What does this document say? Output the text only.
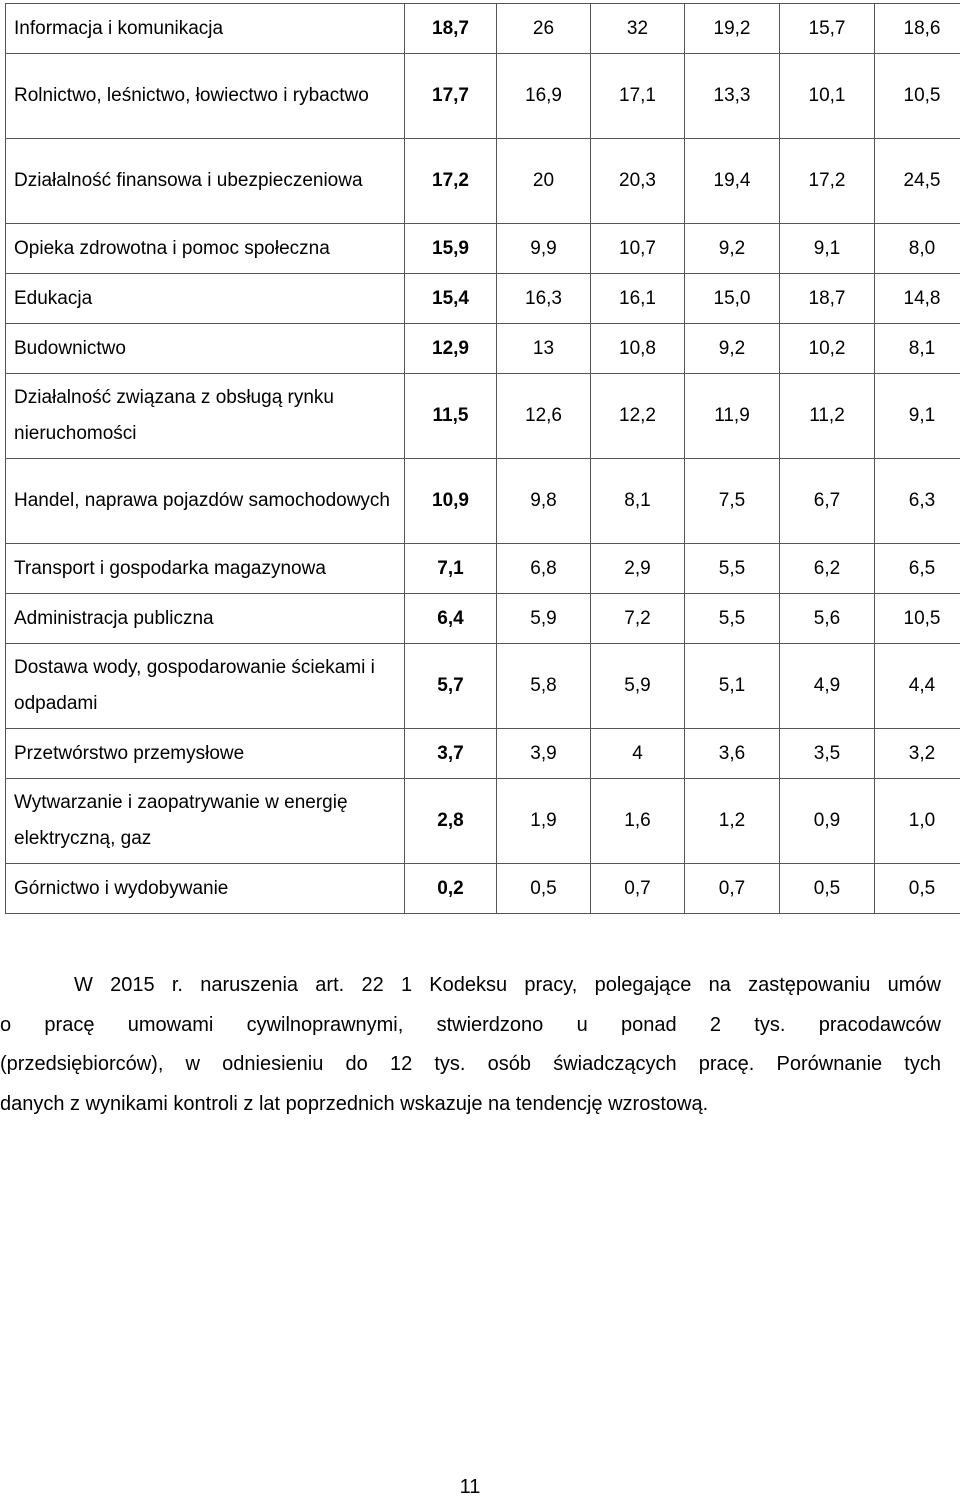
Informacja i komunikacja	18,7	26	32	19,2	15,7	18,6
Rolnictwo, leśnictwo, łowiectwo i rybactwo	17,7	16,9	17,1	13,3	10,1	10,5
Działalność finansowa i ubezpieczeniowa	17,2	20	20,3	19,4	17,2	24,5
Opieka zdrowotna i pomoc społeczna	15,9	9,9	10,7	9,2	9,1	8,0
Edukacja	15,4	16,3	16,1	15,0	18,7	14,8
Budownictwo	12,9	13	10,8	9,2	10,2	8,1
Działalność związana z obsługą rynku nieruchomości	11,5	12,6	12,2	11,9	11,2	9,1
Handel, naprawa pojazdów samochodowych	10,9	9,8	8,1	7,5	6,7	6,3
Transport i gospodarka magazynowa	7,1	6,8	2,9	5,5	6,2	6,5
Administracja publiczna	6,4	5,9	7,2	5,5	5,6	10,5
Dostawa wody, gospodarowanie ściekami i odpadami	5,7	5,8	5,9	5,1	4,9	4,4
Przetwórstwo przemysłowe	3,7	3,9	4	3,6	3,5	3,2
Wytwarzanie i zaopatrywanie w energię elektryczną, gaz	2,8	1,9	1,6	1,2	0,9	1,0
Górnictwo i wydobywanie	0,2	0,5	0,7	0,7	0,5	0,5

W 2015 r. naruszenia art. 22 1 Kodeksu pracy, polegające na zastępowaniu umów
o pracę umowami cywilnoprawnymi, stwierdzono u ponad 2 tys. pracodawców
(przedsiębiorców), w odniesieniu do 12 tys. osób świadczących pracę. Porównanie tych
danych z wynikami kontroli z lat poprzednich wskazuje na tendencję wzrostową.

11
